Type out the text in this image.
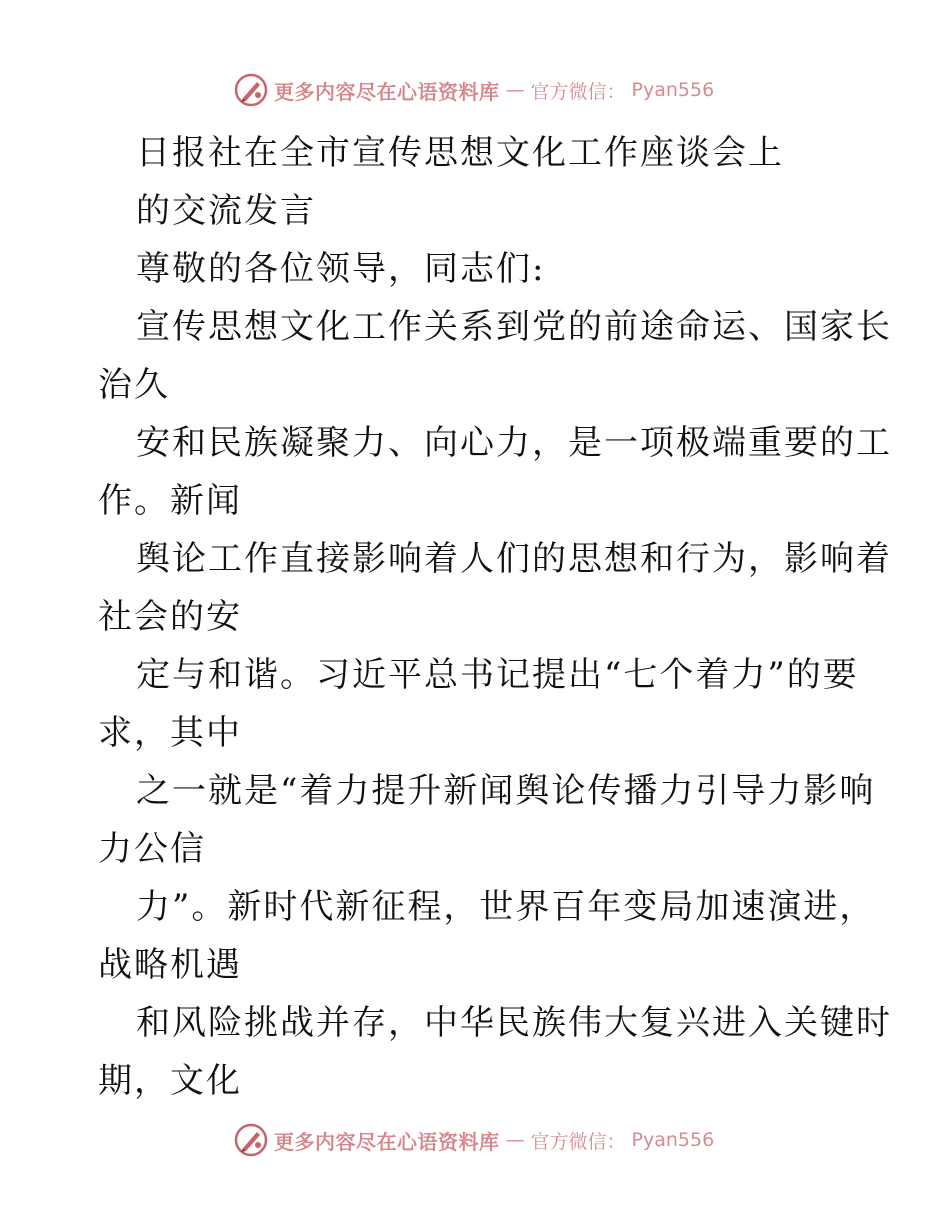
更多内容尽在心语资料库 — 官方微信： Pyan556
日报社在全市宣传思想文化工作座谈会上
的交流发言
尊敬的各位领导，同志们:
宣传思想文化工作关系到党的前途命运、国家长
治久
安和民族凝聚力、向心力，是一项极端重要的工
作。新闻
舆论工作直接影响着人们的思想和行为，影响着
社会的安
定与和谐。习近平总书记提出“七个着力”的要
求，其中
之一就是“着力提升新闻舆论传播力引导力影响
力公信
力”。新时代新征程，世界百年变局加速演进，
战略机遇
和风险挑战并存，中华民族伟大复兴进入关键时
期，文化
更多内容尽在心语资料库 — 官方微信： Pyan556
